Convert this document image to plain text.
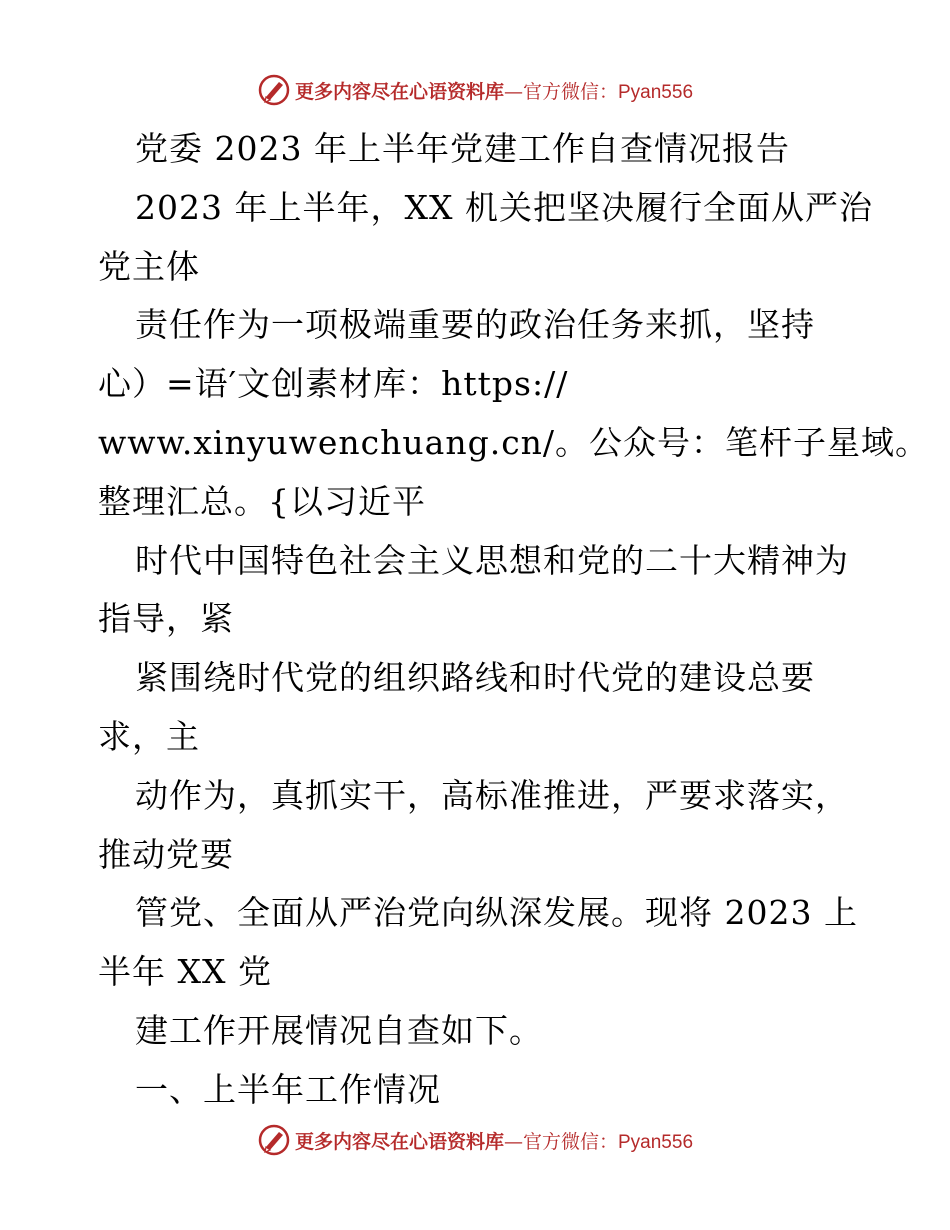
更多内容尽在心语资料库—官方微信：Pyan556
党委 2023 年上半年党建工作自查情况报告
2023 年上半年，XX 机关把坚决履行全面从严治
党主体
责任作为一项极端重要的政治任务来抓，坚持
心）=语′文创素材库：https://
www.xinyuwenchuang.cn/。公众号：笔杆子星域。
整理汇总。{以习近平
时代中国特色社会主义思想和党的二十大精神为
指导，紧
紧围绕时代党的组织路线和时代党的建设总要
求，主
动作为，真抓实干，高标准推进，严要求落实，
推动党要
管党、全面从严治党向纵深发展。现将 2023 上
半年 XX 党
建工作开展情况自查如下。
一、上半年工作情况
更多内容尽在心语资料库—官方微信：Pyan556
